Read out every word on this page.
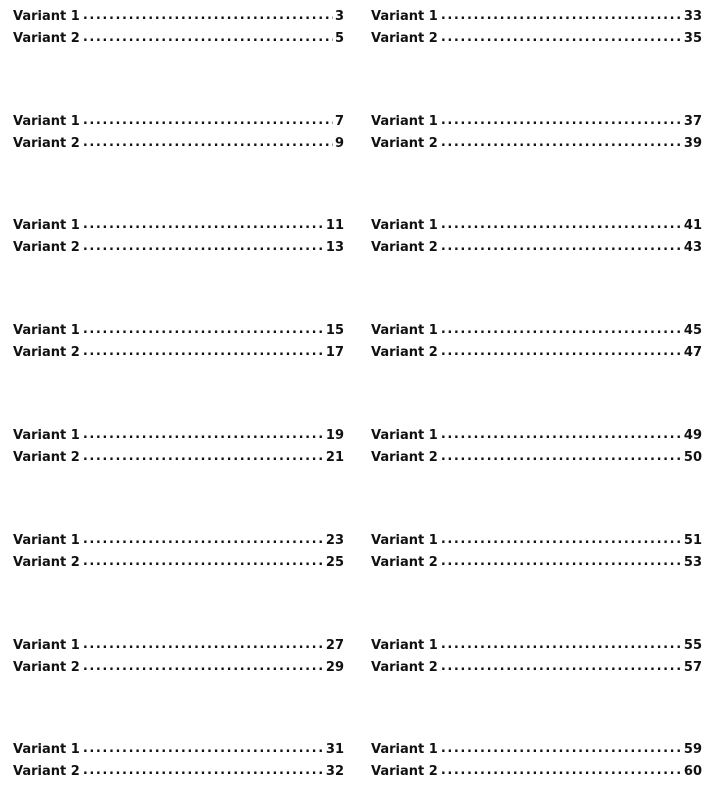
Variant 1 .....	3
Variant 2 .....	5
Variant 1 .....	7
Variant 2 .....	9
Variant 1 .....	11
Variant 2 .....	13
Variant 1 .....	15
Variant 2 .....	17
Variant 1 .....	19
Variant 2 .....	21
Variant 1 .....	23
Variant 2 .....	25
Variant 1 .....	27
Variant 2 .....	29
Variant 1 .....	31
Variant 2 .....	32
Variant 1 .....	33
Variant 2 .....	35
Variant 1 .....	37
Variant 2 .....	39
Variant 1 .....	41
Variant 2 .....	43
Variant 1 .....	45
Variant 2 .....	47
Variant 1 .....	49
Variant 2 .....	50
Variant 1 .....	51
Variant 2 .....	53
Variant 1 .....	55
Variant 2 .....	57
Variant 1 .....	59
Variant 2 .....	60
